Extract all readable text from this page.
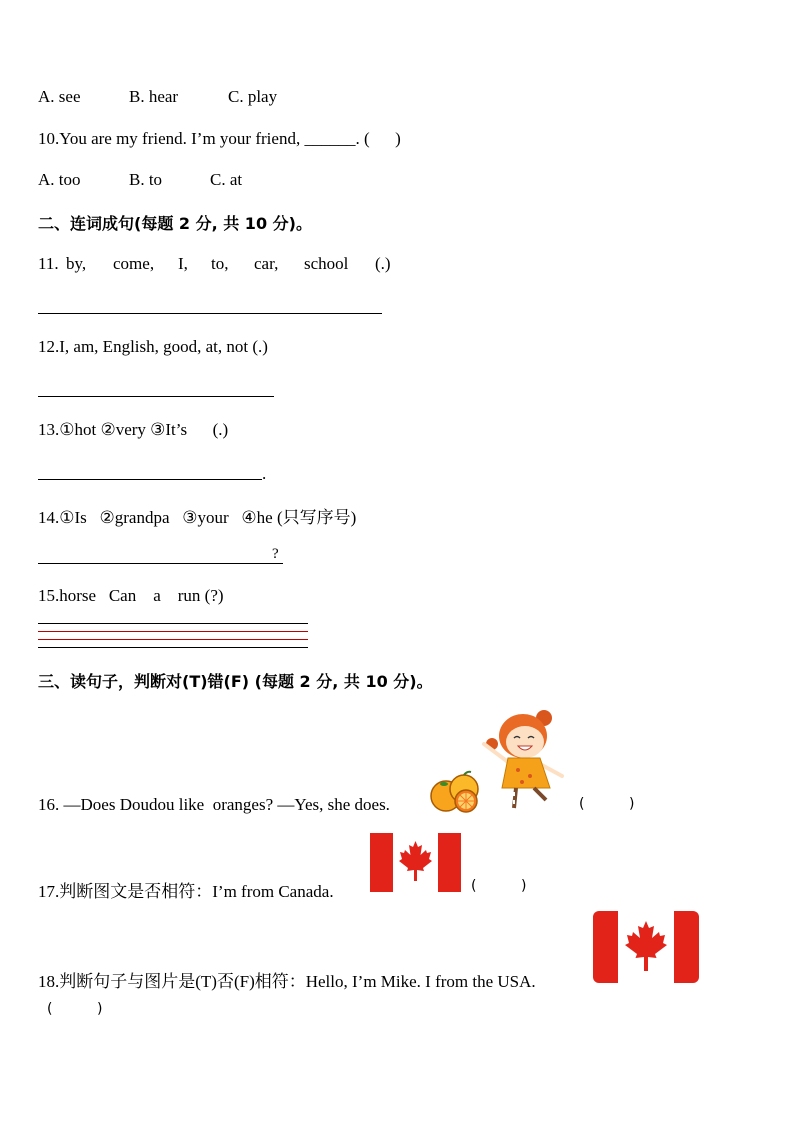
A. see	B. hear	C. play
10.You are my friend. I’m your friend, ______. (      )
A. too	B. to	C. at
二、连词成句(每题 2 分, 共 10 分)。
11. by, come, I, to, car, school (.)
12.I, am, English, good, at, not (.)
13.①hot ②very ③It’s      (.)
.
14.①Is   ②grandpa   ③your   ④he (只写序号)
?
15.horse   Can    a    run (?)
三、读句子，判断对(T)错(F) (每题 2 分, 共 10 分)。
16. —Does Doudou like  oranges? —Yes, she does.	(          )
17.判断图文是否相符：I’m from Canada.	(          )
18.判断句子与图片是(T)否(F)相符：Hello, I’m Mike. I from the USA.
(          )
